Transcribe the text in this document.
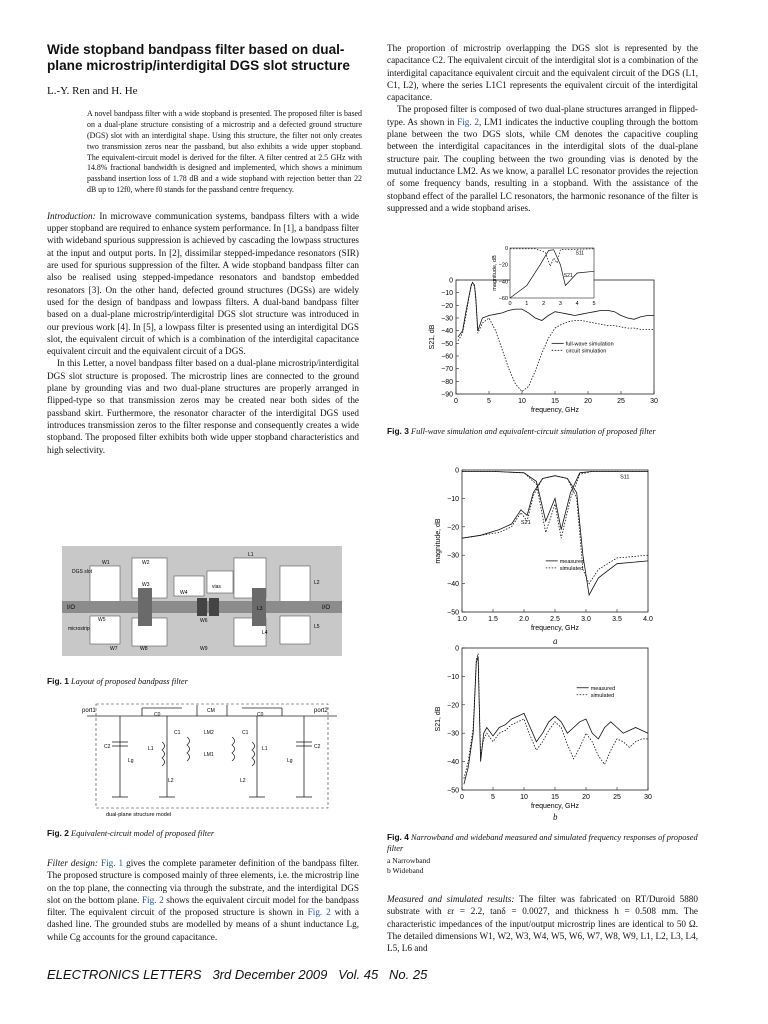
Wide stopband bandpass filter based on dual-plane microstrip/interdigital DGS slot structure
L.-Y. Ren and H. He
A novel bandpass filter with a wide stopband is presented. The proposed filter is based on a dual-plane structure consisting of a microstrip and a defected ground structure (DGS) slot with an interdigital shape. Using this structure, the filter not only creates two transmission zeros near the passband, but also exhibits a wide upper stopband. The equivalent-circuit model is derived for the filter. A filter centred at 2.5 GHz with 14.8% fractional bandwidth is designed and implemented, which shows a minimum passband insertion loss of 1.78 dB and a wide stopband with rejection better than 22 dB up to 12f0, where f0 stands for the passband centre frequency.

Introduction: In microwave communication systems, bandpass filters with a wide upper stopband are required to enhance system performance. In [1], a bandpass filter with wideband spurious suppression is achieved by cascading the lowpass structures at the input and output ports. In [2], dissimilar stepped-impedance resonators (SIR) are used for spurious suppression of the filter. A wide stopband bandpass filter can also be realised using stepped-impedance resonators and bandstop embedded resonators [3]. On the other hand, defected ground structures (DGSs) are widely used for the design of bandpass and lowpass filters. A dual-band bandpass filter based on a dual-plane microstrip/interdigital DGS slot structure was introduced in our previous work [4]. In [5], a lowpass filter is presented using an interdigital DGS slot, the equivalent circuit of which is a combination of the interdigital capacitance equivalent circuit and the equivalent circuit of a DGS.

In this Letter, a novel bandpass filter based on a dual-plane microstrip/interdigital DGS slot structure is proposed. The microstrip lines are connected to the ground plane by grounding vias and two dual-plane structures are properly arranged in flipped-type so that transmission zeros may be created near both sides of the passband skirt. Furthermore, the resonator character of the interdigital DGS used introduces transmission zeros to the filter response and consequently creates a wide stopband. The proposed filter exhibits both wide upper stopband characteristics and high selectivity.

DGS slot
W1	W2
W3
W4
vias
L1
L2
L3
L4
L5
I/O	I/O
microstrip
W5	W6
W7	W8	W9
Fig. 1 Layout of proposed bandpass filter
port1	port2
C0	C0
CM
C2	C2
C1	C1
Lg	Lg
L1	L1
L2	L2
LM2
LM1
dual-plane structure model
Fig. 2 Equivalent-circuit model of proposed filter

Filter design: Fig. 1 gives the complete parameter definition of the bandpass filter. The proposed structure is composed mainly of three elements, i.e. the microstrip line on the top plane, the connecting via through the substrate, and the interdigital DGS slot on the bottom plane. Fig. 2 shows the equivalent circuit model for the bandpass filter. The equivalent circuit of the proposed structure is shown in Fig. 2 with a dashed line. The grounded stubs are modelled by means of a shunt inductance Lg, while Cg accounts for the ground capacitance.

The proportion of microstrip overlapping the DGS slot is represented by the capacitance C2. The equivalent circuit of the interdigital slot is a combination of the interdigital capacitance equivalent circuit and the equivalent circuit of the DGS (L1, C1, L2), where the series L1C1 represents the equivalent circuit of the interdigital capacitance.

The proposed filter is composed of two dual-plane structures arranged in flipped-type. As shown in Fig. 2, LM1 indicates the inductive coupling through the bottom plane between the two DGS slots, while CM denotes the capacitive coupling between the interdigital capacitances in the interdigital slots of the dual-plane structure pair. The coupling between the two grounding vias is denoted by the mutual inductance LM2. As we know, a parallel LC resonator provides the rejection of some frequency bands, resulting in a stopband. With the assistance of the stopband effect of the parallel LC resonators, the harmonic resonance of the filter is suppressed and a wide stopband arises.

0	5	10	15	20	25	30
0
−10
−20
−30
−40
−50
−60
−70
−80
−90
frequency, GHz
S21, dB	full-wave simulation
circuit simulation
0 1 2 3 4 5
0
−20
−40
−60
magnitude, dB
S11
S21
Fig. 3 Full-wave simulation and equivalent-circuit simulation of proposed filter
1.0	1.5	2.0	2.5	3.0	3.5	4.0
0
−10
−20
−30
−40
−50
frequency, GHz
magnitude, dB	measured
simulated
S11
S21
a
0	5	10	15	20	25	30
0
−10
−20
−30
−40
−50
frequency, GHz
S21, dB
measured
simulated
b
Fig. 4 Narrowband and wideband measured and simulated frequency responses of proposed filter
a Narrowband
b Wideband

Measured and simulated results: The filter was fabricated on RT/Duroid 5880 substrate with εr = 2.2, tanδ = 0.0027, and thickness h = 0.508 mm. The characteristic impedances of the input/output microstrip lines are identical to 50 Ω. The detailed dimensions W1, W2, W3, W4, W5, W6, W7, W8, W9, L1, L2, L3, L4, L5, L6 and

ELECTRONICS LETTERS 3rd December 2009 Vol. 45 No. 25
